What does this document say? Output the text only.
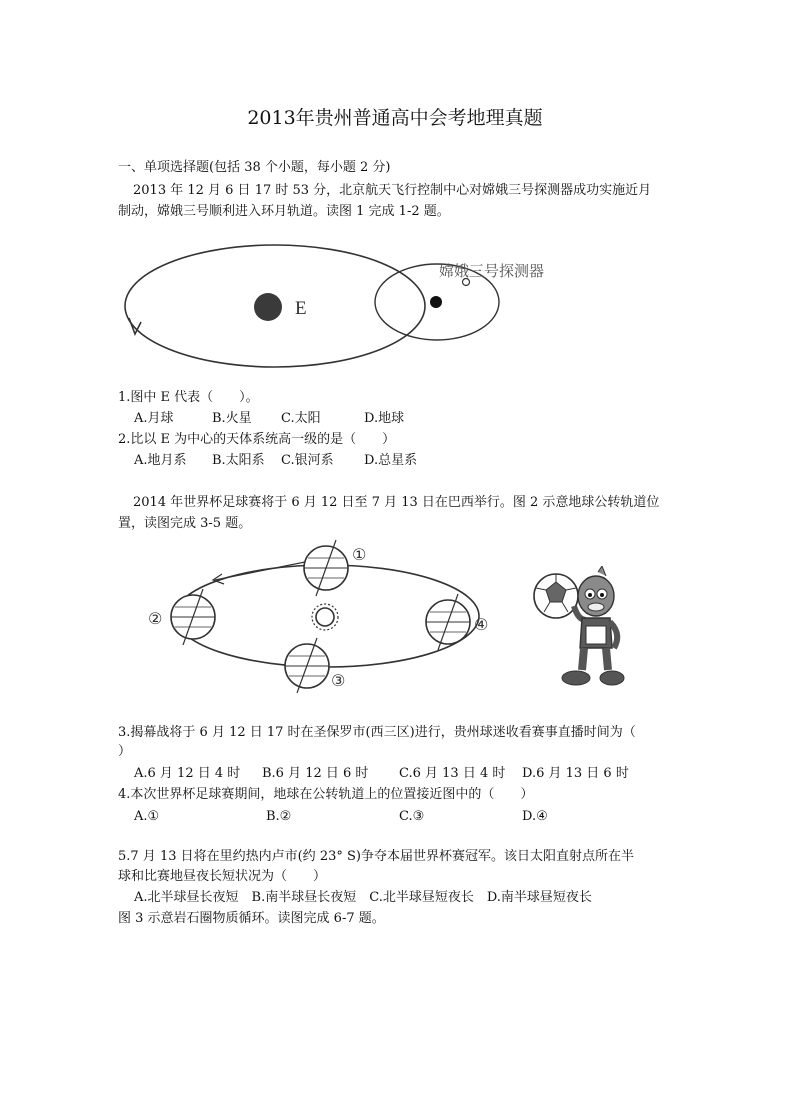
2013年贵州普通高中会考地理真题
一、单项选择题(包括 38 个小题，每小题 2 分)
2013 年 12 月 6 日 17 时 53 分，北京航天飞行控制中心对嫦娥三号探测器成功实施近月
制动，嫦娥三号顺利进入环月轨道。读图 1 完成 1-2 题。
E
嫦娥三号探测器
1.图中 E 代表（　　）。
A.月球	B.火星 C.太阳	D.地球
2.比以 E 为中心的天体系统高一级的是（　　）
A.地月系 B.太阳系 C.银河系 D.总星系
2014 年世界杯足球赛将于 6 月 12 日至 7 月 13 日在巴西举行。图 2 示意地球公转轨道位
置，读图完成 3-5 题。
①
②
③
④
3.揭幕战将于 6 月 12 日 17 时在圣保罗市(西三区)进行，贵州球迷收看赛事直播时间为（
）
A.6 月 12 日 4 时 B.6 月 12 日 6 时 C.6 月 13 日 4 时 D.6 月 13 日 6 时
4.本次世界杯足球赛期间，地球在公转轨道上的位置接近图中的（　　）
A.①	B.②	C.③	D.④
5.7 月 13 日将在里约热内卢市(约 23° S)争夺本届世界杯赛冠军。该日太阳直射点所在半
球和比赛地昼夜长短状况为（　　）
A.北半球昼长夜短　B.南半球昼长夜短　C.北半球昼短夜长　D.南半球昼短夜长
图 3 示意岩石圈物质循环。读图完成 6-7 题。
